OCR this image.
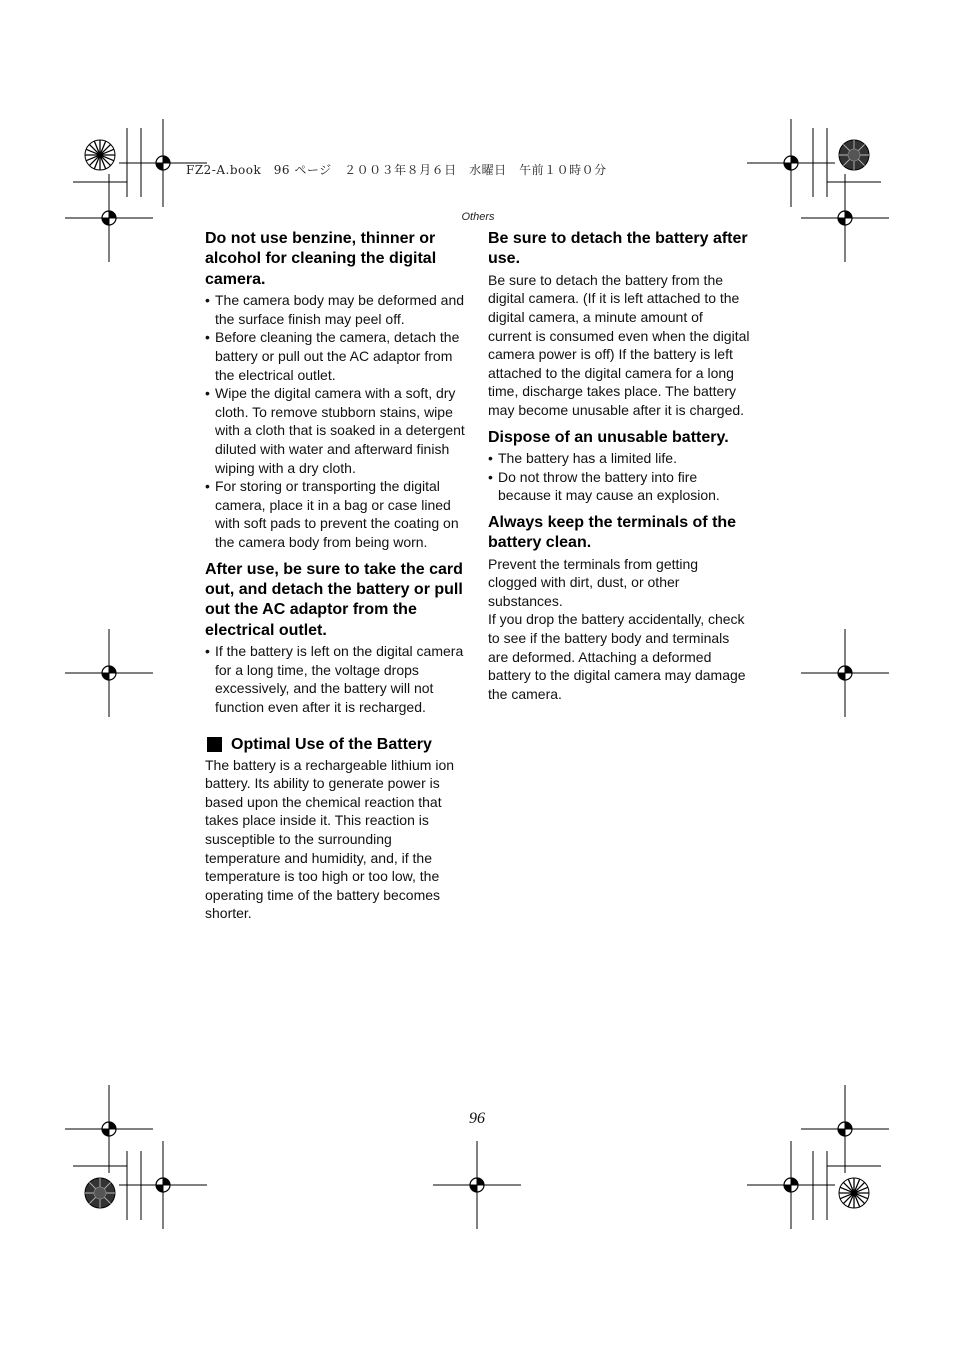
FZ2-A.book　96 ページ　２００３年８月６日　水曜日　午前１０時０分
Others
Do not use benzine, thinner or alcohol for cleaning the digital camera.
• The camera body may be deformed and the surface finish may peel off.
• Before cleaning the camera, detach the battery or pull out the AC adaptor from the electrical outlet.
• Wipe the digital camera with a soft, dry cloth. To remove stubborn stains, wipe with a cloth that is soaked in a detergent diluted with water and afterward finish wiping with a dry cloth.
• For storing or transporting the digital camera, place it in a bag or case lined with soft pads to prevent the coating on the camera body from being worn.
After use, be sure to take the card out, and detach the battery or pull out the AC adaptor from the electrical outlet.
• If the battery is left on the digital camera for a long time, the voltage drops excessively, and the battery will not function even after it is recharged.
Optimal Use of the Battery

The battery is a rechargeable lithium ion battery. Its ability to generate power is based upon the chemical reaction that takes place inside it. This reaction is susceptible to the surrounding temperature and humidity, and, if the temperature is too high or too low, the operating time of the battery becomes shorter.

Be sure to detach the battery after use.

Be sure to detach the battery from the digital camera. (If it is left attached to the digital camera, a minute amount of current is consumed even when the digital camera power is off) If the battery is left attached to the digital camera for a long time, discharge takes place. The battery may become unusable after it is charged.

Dispose of an unusable battery.
• The battery has a limited life.
• Do not throw the battery into fire because it may cause an explosion.
Always keep the terminals of the battery clean.

Prevent the terminals from getting clogged with dirt, dust, or other substances.

If you drop the battery accidentally, check to see if the battery body and terminals are deformed. Attaching a deformed battery to the digital camera may damage the camera.

96
